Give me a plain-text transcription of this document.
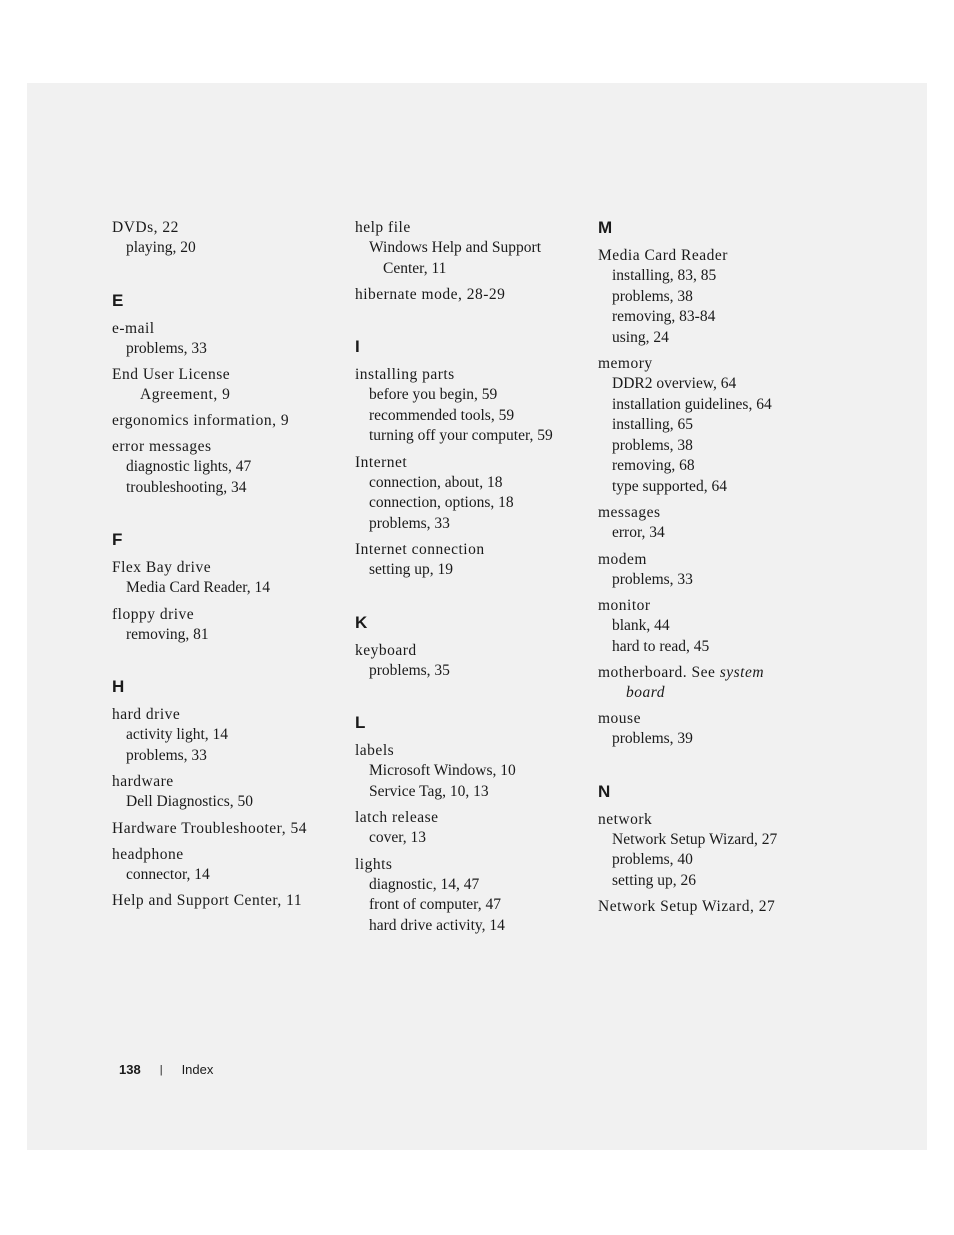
DVDs, 22
playing, 20
E
e-mail
problems, 33
End User License
Agreement, 9
ergonomics information, 9
error messages
diagnostic lights, 47
troubleshooting, 34
F
Flex Bay drive
Media Card Reader, 14
floppy drive
removing, 81
H
hard drive
activity light, 14
problems, 33
hardware
Dell Diagnostics, 50
Hardware Troubleshooter, 54
headphone
connector, 14
Help and Support Center, 11
help file
Windows Help and Support
Center, 11
hibernate mode, 28-29
I
installing parts
before you begin, 59
recommended tools, 59
turning off your computer, 59
Internet
connection, about, 18
connection, options, 18
problems, 33
Internet connection
setting up, 19
K
keyboard
problems, 35
L
labels
Microsoft Windows, 10
Service Tag, 10, 13
latch release
cover, 13
lights
diagnostic, 14, 47
front of computer, 47
hard drive activity, 14
M
Media Card Reader
installing, 83, 85
problems, 38
removing, 83-84
using, 24
memory
DDR2 overview, 64
installation guidelines, 64
installing, 65
problems, 38
removing, 68
type supported, 64
messages
error, 34
modem
problems, 33
monitor
blank, 44
hard to read, 45
motherboard. See system
board
mouse
problems, 39
N
network
Network Setup Wizard, 27
problems, 40
setting up, 26
Network Setup Wizard, 27
138 | Index
